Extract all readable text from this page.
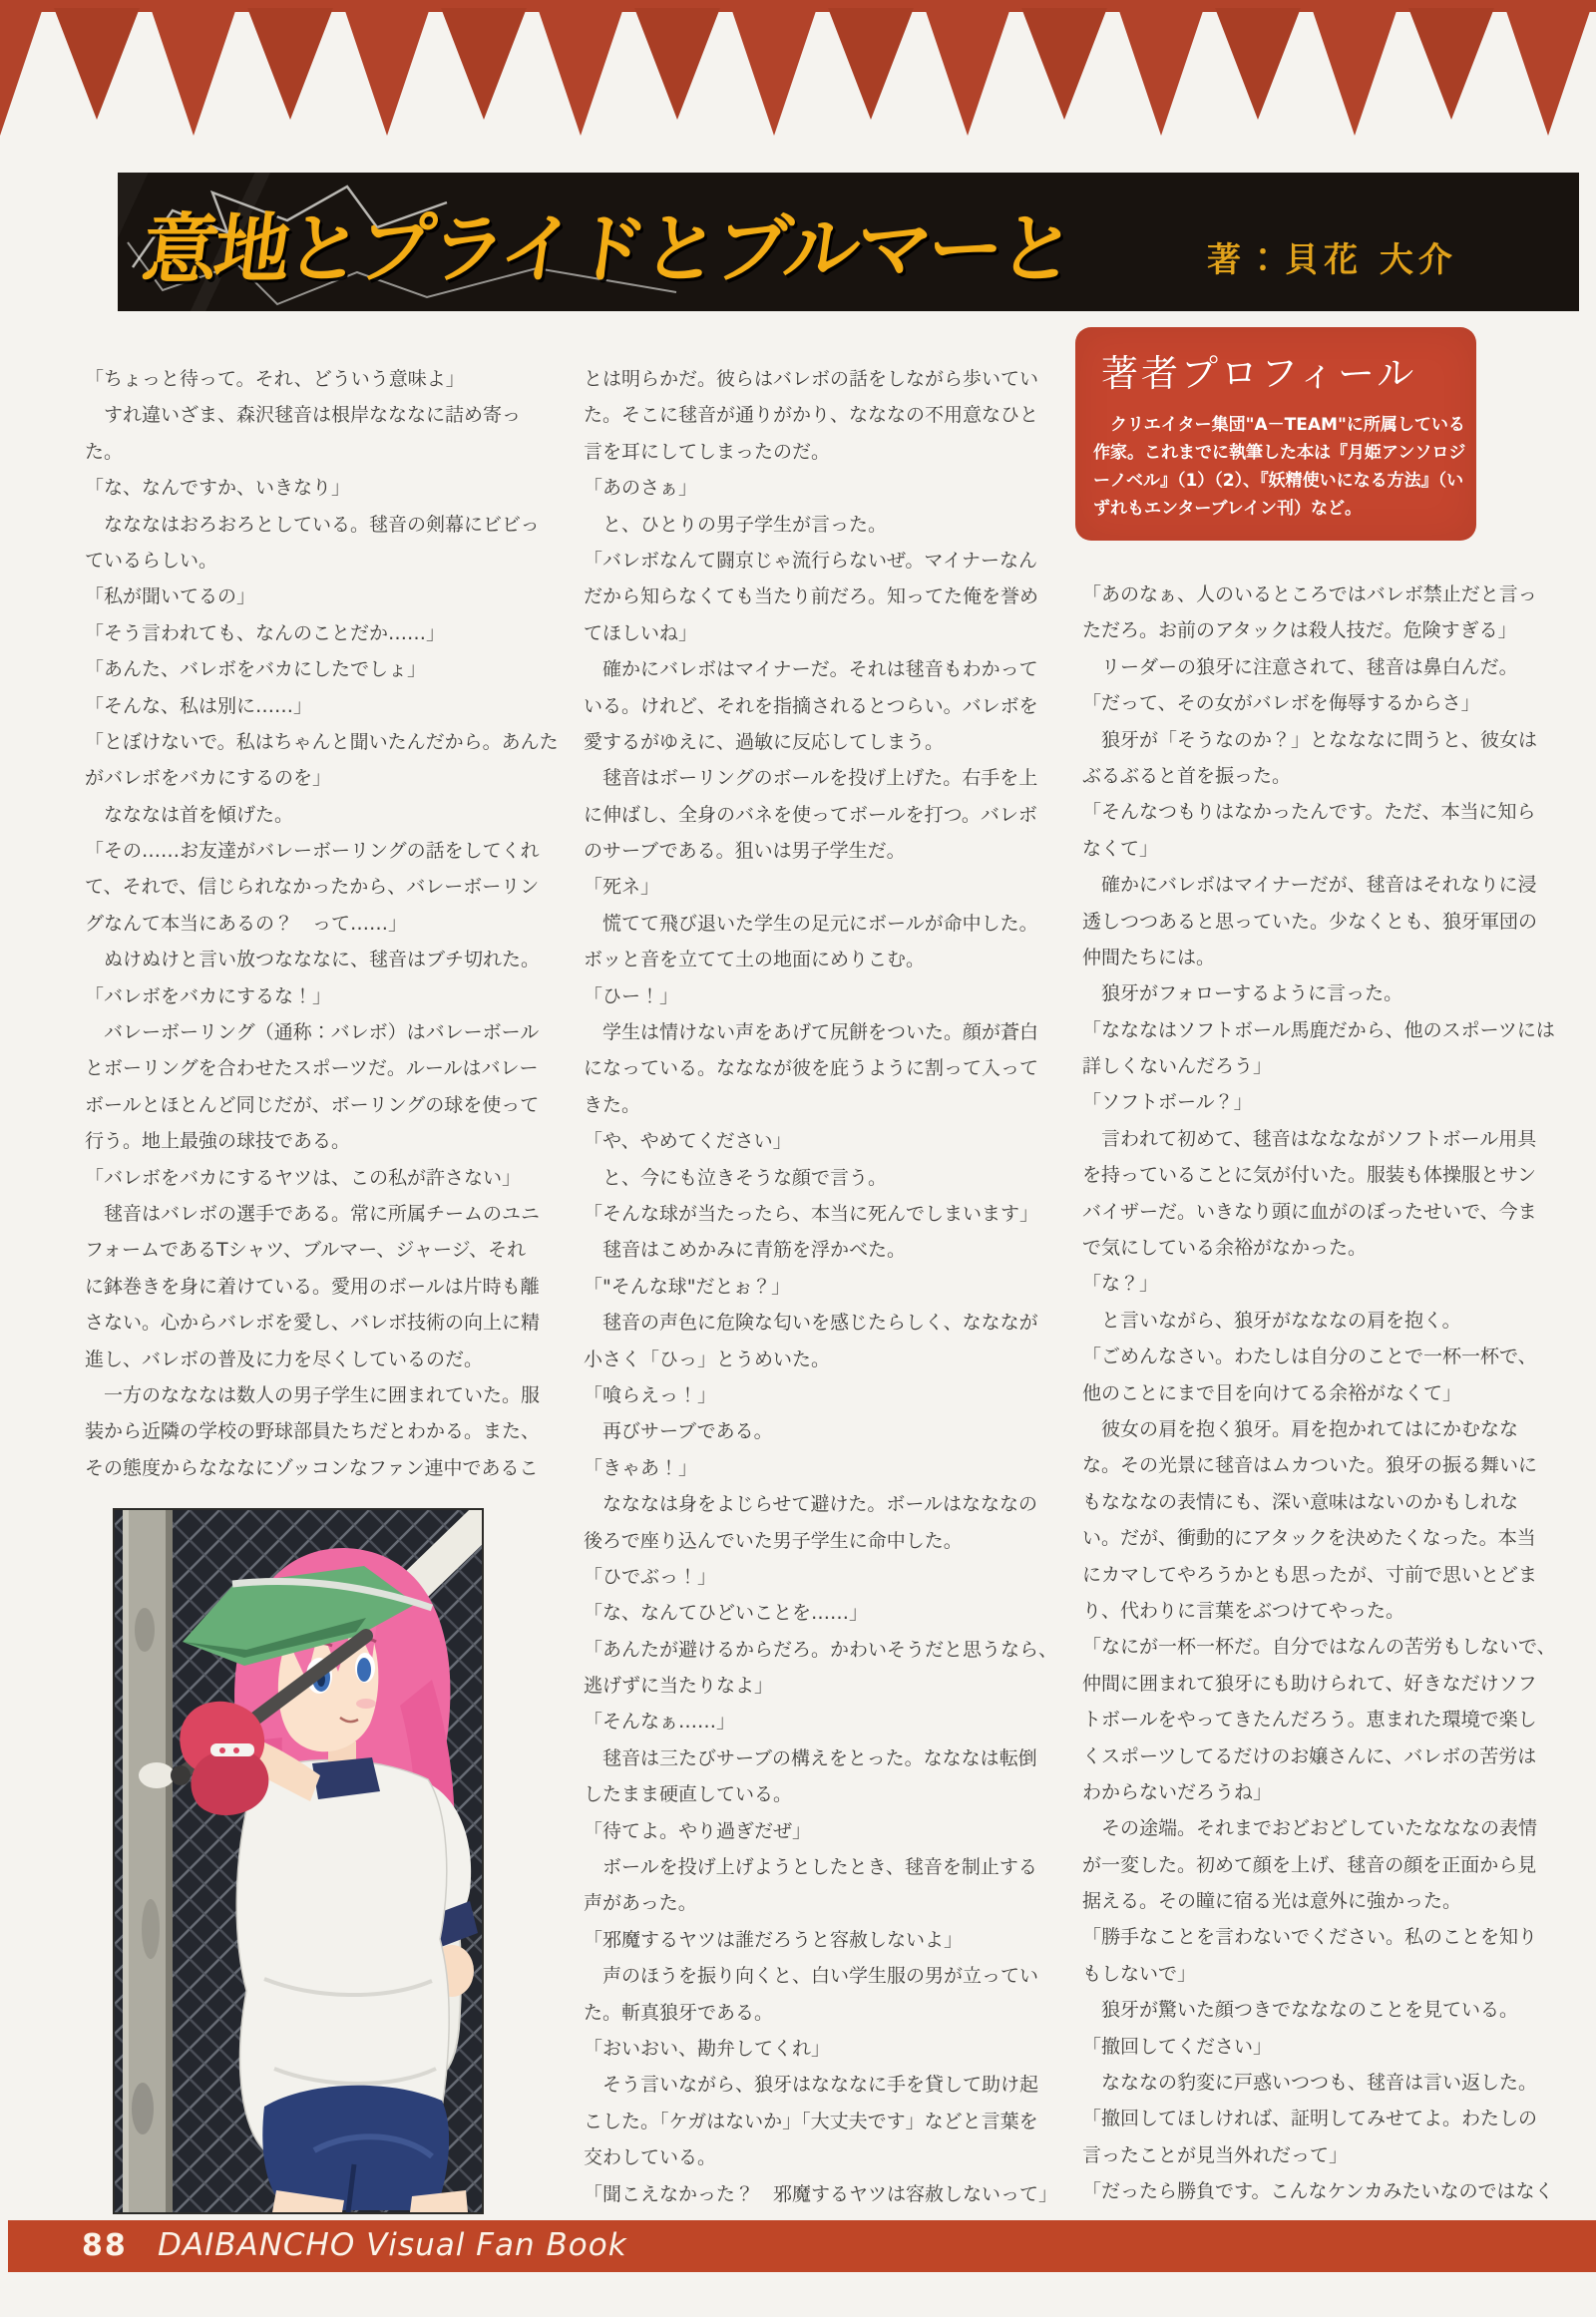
意地とプライドとブルマーと	著：貝花 大介
「ちょっと待って。それ、どういう意味よ」
　すれ違いざま、森沢毬音は根岸なななに詰め寄っ
た。
「な、なんですか、いきなり」
　なななはおろおろとしている。毬音の剣幕にビビっ
ているらしい。
「私が聞いてるの」
「そう言われても、なんのことだか……」
「あんた、バレボをバカにしたでしょ」
「そんな、私は別に……」
「とぼけないで。私はちゃんと聞いたんだから。あんた
がバレボをバカにするのを」
　なななは首を傾げた。
「その……お友達がバレーボーリングの話をしてくれ
て、それで、信じられなかったから、バレーボーリン
グなんて本当にあるの？　って……」
　ぬけぬけと言い放つなななに、毬音はブチ切れた。
「バレボをバカにするな！」
　バレーボーリング（通称：バレボ）はバレーボール
とボーリングを合わせたスポーツだ。ルールはバレー
ボールとほとんど同じだが、ボーリングの球を使って
行う。地上最強の球技である。
「バレボをバカにするヤツは、この私が許さない」
　毬音はバレボの選手である。常に所属チームのユニ
フォームであるTシャツ、ブルマー、ジャージ、それ
に鉢巻きを身に着けている。愛用のボールは片時も離
さない。心からバレボを愛し、バレボ技術の向上に精
進し、バレボの普及に力を尽くしているのだ。
　一方のなななは数人の男子学生に囲まれていた。服
装から近隣の学校の野球部員たちだとわかる。また、
その態度からなななにゾッコンなファン連中であるこ
とは明らかだ。彼らはバレボの話をしながら歩いてい
た。そこに毬音が通りがかり、なななの不用意なひと
言を耳にしてしまったのだ。
「あのさぁ」
　と、ひとりの男子学生が言った。
「バレボなんて闘京じゃ流行らないぜ。マイナーなん
だから知らなくても当たり前だろ。知ってた俺を誉め
てほしいね」
　確かにバレボはマイナーだ。それは毬音もわかって
いる。けれど、それを指摘されるとつらい。バレボを
愛するがゆえに、過敏に反応してしまう。
　毬音はボーリングのボールを投げ上げた。右手を上
に伸ばし、全身のバネを使ってボールを打つ。バレボ
のサーブである。狙いは男子学生だ。
「死ネ」
　慌てて飛び退いた学生の足元にボールが命中した。
ボッと音を立てて土の地面にめりこむ。
「ひー！」
　学生は情けない声をあげて尻餅をついた。顔が蒼白
になっている。なななが彼を庇うように割って入って
きた。
「や、やめてください」
　と、今にも泣きそうな顔で言う。
「そんな球が当たったら、本当に死んでしまいます」
　毬音はこめかみに青筋を浮かべた。
「"そんな球"だとぉ？」
　毬音の声色に危険な匂いを感じたらしく、なななが
小さく「ひっ」とうめいた。
「喰らえっ！」
　再びサーブである。
「きゃあ！」
　なななは身をよじらせて避けた。ボールはなななの
後ろで座り込んでいた男子学生に命中した。
「ひでぶっ！」
「な、なんてひどいことを……」
「あんたが避けるからだろ。かわいそうだと思うなら、
逃げずに当たりなよ」
「そんなぁ……」
　毬音は三たびサーブの構えをとった。なななは転倒
したまま硬直している。
「待てよ。やり過ぎだぜ」
　ボールを投げ上げようとしたとき、毬音を制止する
声があった。
「邪魔するヤツは誰だろうと容赦しないよ」
　声のほうを振り向くと、白い学生服の男が立ってい
た。斬真狼牙である。
「おいおい、勘弁してくれ」
　そう言いながら、狼牙はなななに手を貸して助け起
こした。「ケガはないか」「大丈夫です」などと言葉を
交わしている。
「聞こえなかった？　邪魔するヤツは容赦しないって」
「あのなぁ、人のいるところではバレボ禁止だと言っ
ただろ。お前のアタックは殺人技だ。危険すぎる」
　リーダーの狼牙に注意されて、毬音は鼻白んだ。
「だって、その女がバレボを侮辱するからさ」
　狼牙が「そうなのか？」となななに問うと、彼女は
ぶるぶると首を振った。
「そんなつもりはなかったんです。ただ、本当に知ら
なくて」
　確かにバレボはマイナーだが、毬音はそれなりに浸
透しつつあると思っていた。少なくとも、狼牙軍団の
仲間たちには。
　狼牙がフォローするように言った。
「なななはソフトボール馬鹿だから、他のスポーツには
詳しくないんだろう」
「ソフトボール？」
　言われて初めて、毬音はななながソフトボール用具
を持っていることに気が付いた。服装も体操服とサン
バイザーだ。いきなり頭に血がのぼったせいで、今ま
で気にしている余裕がなかった。
「な？」
　と言いながら、狼牙がなななの肩を抱く。
「ごめんなさい。わたしは自分のことで一杯一杯で、
他のことにまで目を向けてる余裕がなくて」
　彼女の肩を抱く狼牙。肩を抱かれてはにかむなな
な。その光景に毬音はムカついた。狼牙の振る舞いに
もなななの表情にも、深い意味はないのかもしれな
い。だが、衝動的にアタックを決めたくなった。本当
にカマしてやろうかとも思ったが、寸前で思いとどま
り、代わりに言葉をぶつけてやった。
「なにが一杯一杯だ。自分ではなんの苦労もしないで、
仲間に囲まれて狼牙にも助けられて、好きなだけソフ
トボールをやってきたんだろう。恵まれた環境で楽し
くスポーツしてるだけのお嬢さんに、バレボの苦労は
わからないだろうね」
　その途端。それまでおどおどしていたなななの表情
が一変した。初めて顔を上げ、毬音の顔を正面から見
据える。その瞳に宿る光は意外に強かった。
「勝手なことを言わないでください。私のことを知り
もしないで」
　狼牙が驚いた顔つきでなななのことを見ている。
「撤回してください」
　なななの豹変に戸惑いつつも、毬音は言い返した。
「撤回してほしければ、証明してみせてよ。わたしの
言ったことが見当外れだって」
「だったら勝負です。こんなケンカみたいなのではなく
著者プロフィール
　クリエイター集団"A－TEAM"に所属している
作家。これまでに執筆した本は『月姫アンソロジ
ーノベル』（1）（2）、『妖精使いになる方法』（い
ずれもエンターブレイン刊）など。
88 DAIBANCHO Visual Fan Book
